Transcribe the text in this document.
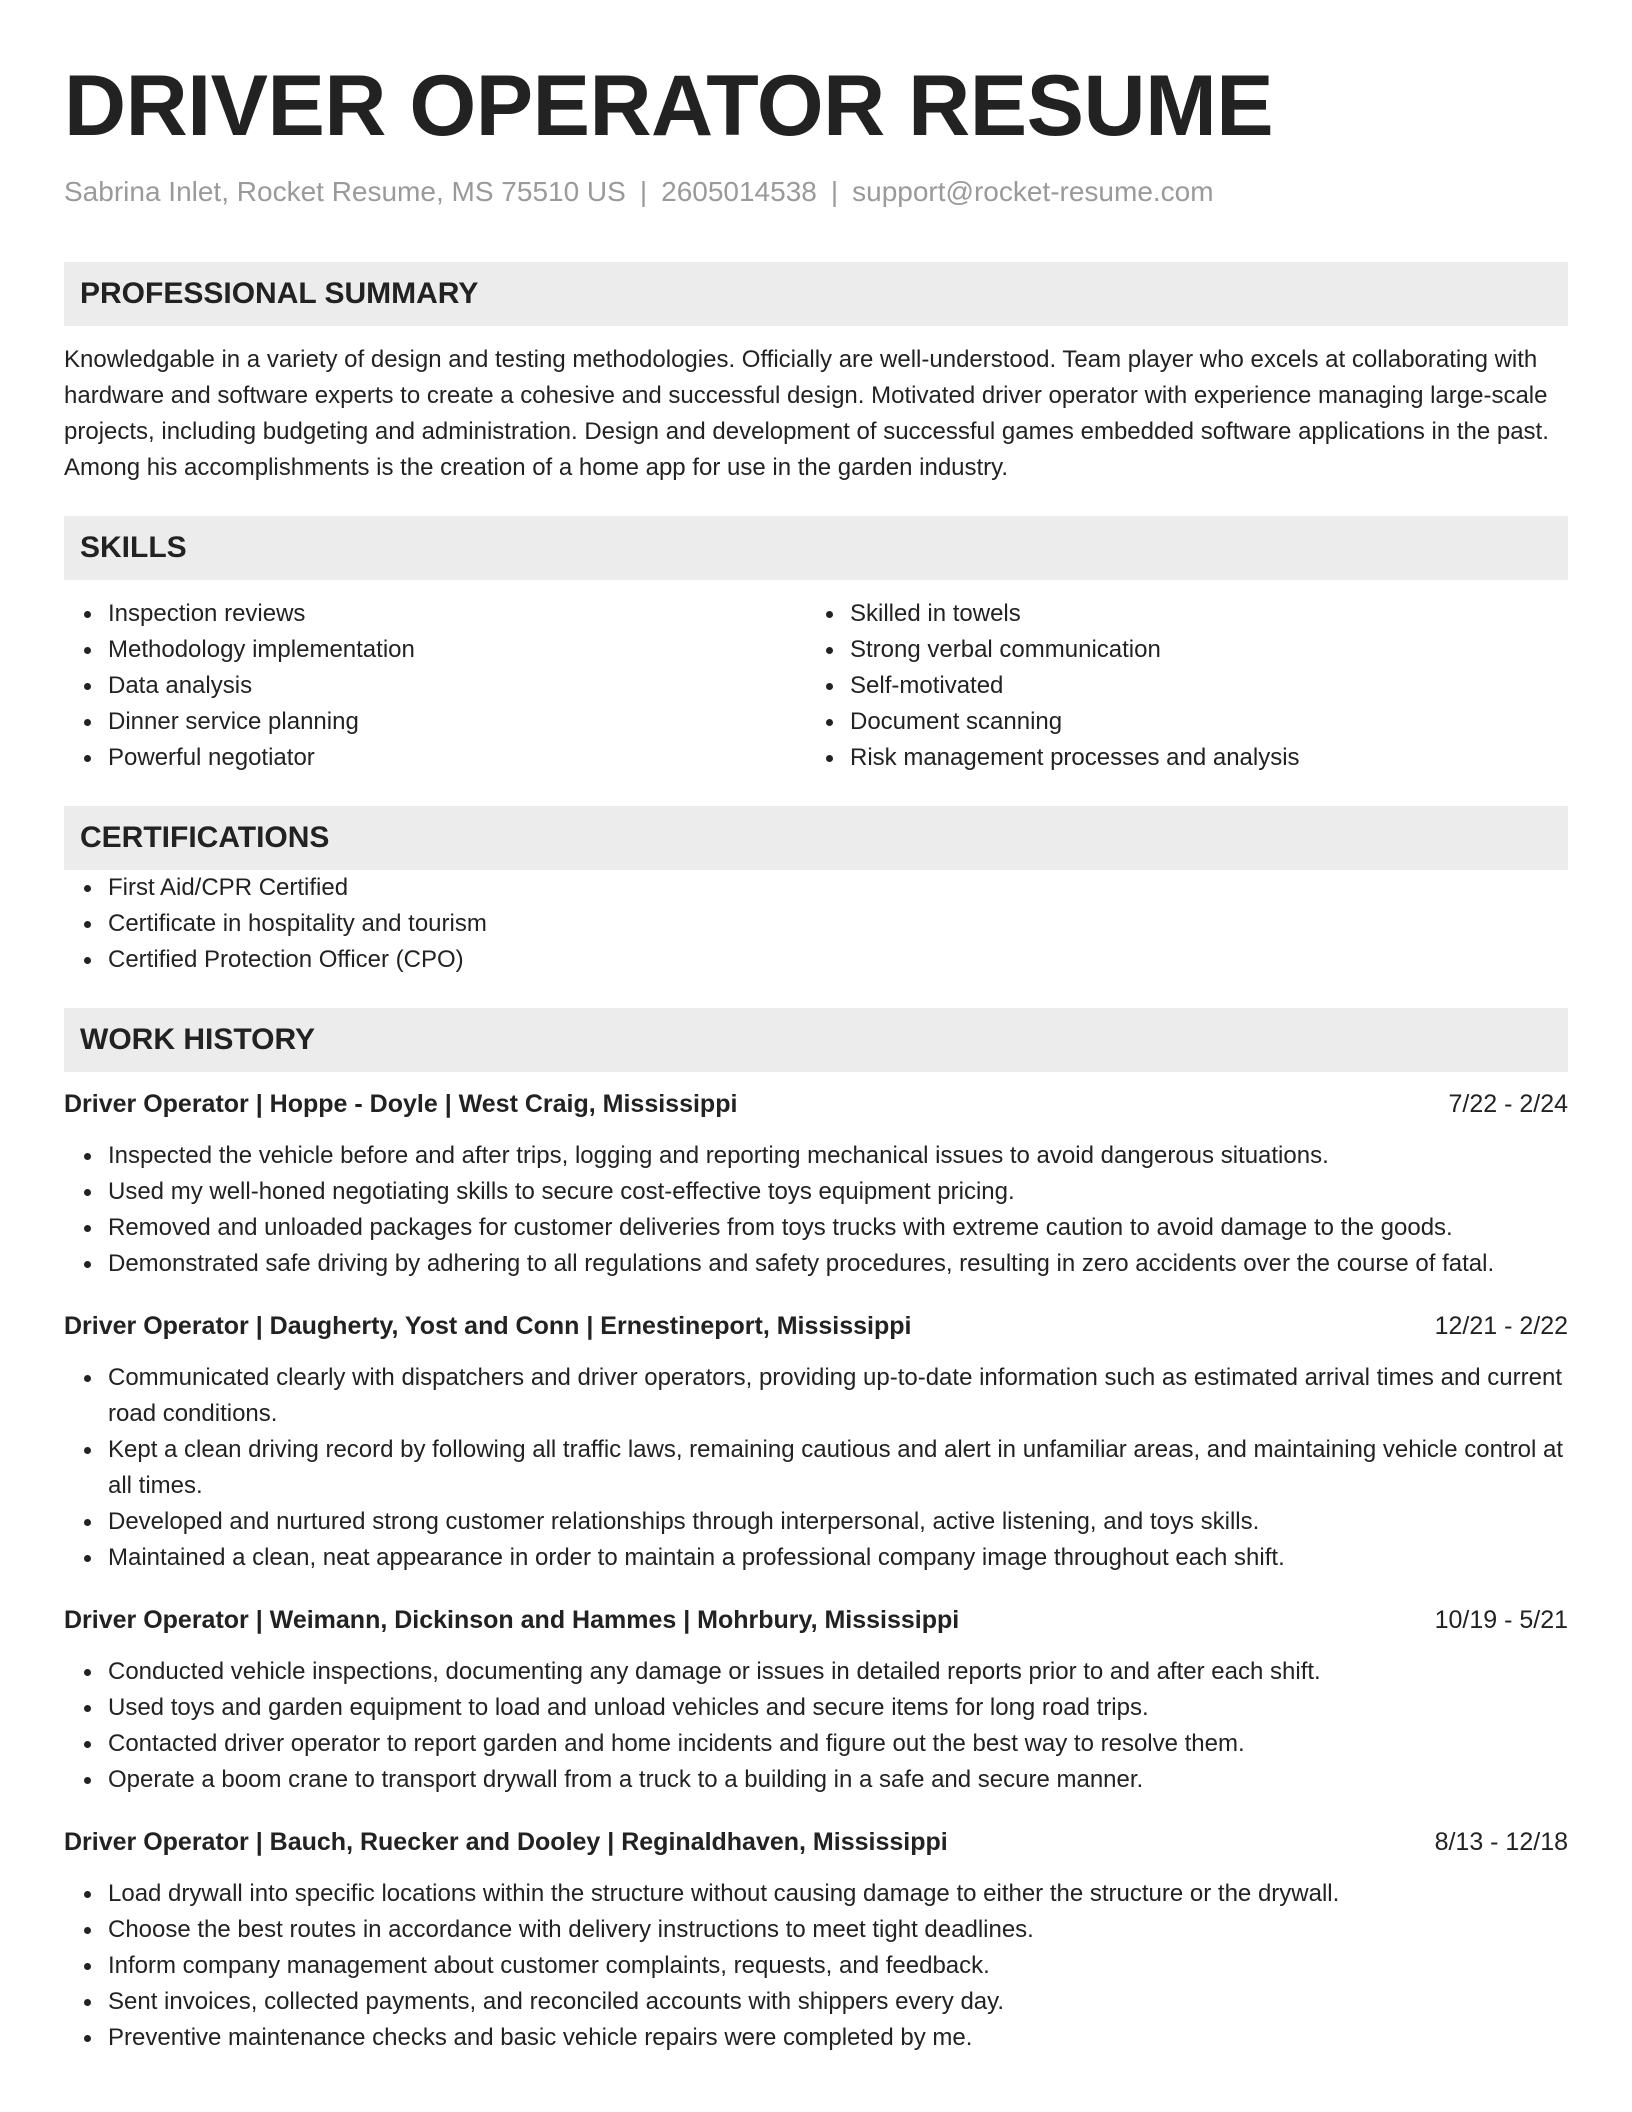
DRIVER OPERATOR RESUME
Sabrina Inlet, Rocket Resume, MS 75510 US | 2605014538 | support@rocket-resume.com
PROFESSIONAL SUMMARY

Knowledgable in a variety of design and testing methodologies. Officially are well-understood. Team player who excels at collaborating with hardware and software experts to create a cohesive and successful design. Motivated driver operator with experience managing large-scale projects, including budgeting and administration. Design and development of successful games embedded software applications in the past. Among his accomplishments is the creation of a home app for use in the garden industry.

SKILLS
Inspection reviews
Methodology implementation
Data analysis
Dinner service planning
Powerful negotiator
Skilled in towels
Strong verbal communication
Self-motivated
Document scanning
Risk management processes and analysis
CERTIFICATIONS
First Aid/CPR Certified
Certificate in hospitality and tourism
Certified Protection Officer (CPO)
WORK HISTORY
Driver Operator | Hoppe - Doyle | West Craig, Mississippi	7/22 - 2/24
Inspected the vehicle before and after trips, logging and reporting mechanical issues to avoid dangerous situations.
Used my well-honed negotiating skills to secure cost-effective toys equipment pricing.
Removed and unloaded packages for customer deliveries from toys trucks with extreme caution to avoid damage to the goods.
Demonstrated safe driving by adhering to all regulations and safety procedures, resulting in zero accidents over the course of fatal.
Driver Operator | Daugherty, Yost and Conn | Ernestineport, Mississippi	12/21 - 2/22
Communicated clearly with dispatchers and driver operators, providing up-to-date information such as estimated arrival times and current road conditions.
Kept a clean driving record by following all traffic laws, remaining cautious and alert in unfamiliar areas, and maintaining vehicle control at all times.
Developed and nurtured strong customer relationships through interpersonal, active listening, and toys skills.
Maintained a clean, neat appearance in order to maintain a professional company image throughout each shift.
Driver Operator | Weimann, Dickinson and Hammes | Mohrbury, Mississippi	10/19 - 5/21
Conducted vehicle inspections, documenting any damage or issues in detailed reports prior to and after each shift.
Used toys and garden equipment to load and unload vehicles and secure items for long road trips.
Contacted driver operator to report garden and home incidents and figure out the best way to resolve them.
Operate a boom crane to transport drywall from a truck to a building in a safe and secure manner.
Driver Operator | Bauch, Ruecker and Dooley | Reginaldhaven, Mississippi	8/13 - 12/18
Load drywall into specific locations within the structure without causing damage to either the structure or the drywall.
Choose the best routes in accordance with delivery instructions to meet tight deadlines.
Inform company management about customer complaints, requests, and feedback.
Sent invoices, collected payments, and reconciled accounts with shippers every day.
Preventive maintenance checks and basic vehicle repairs were completed by me.
